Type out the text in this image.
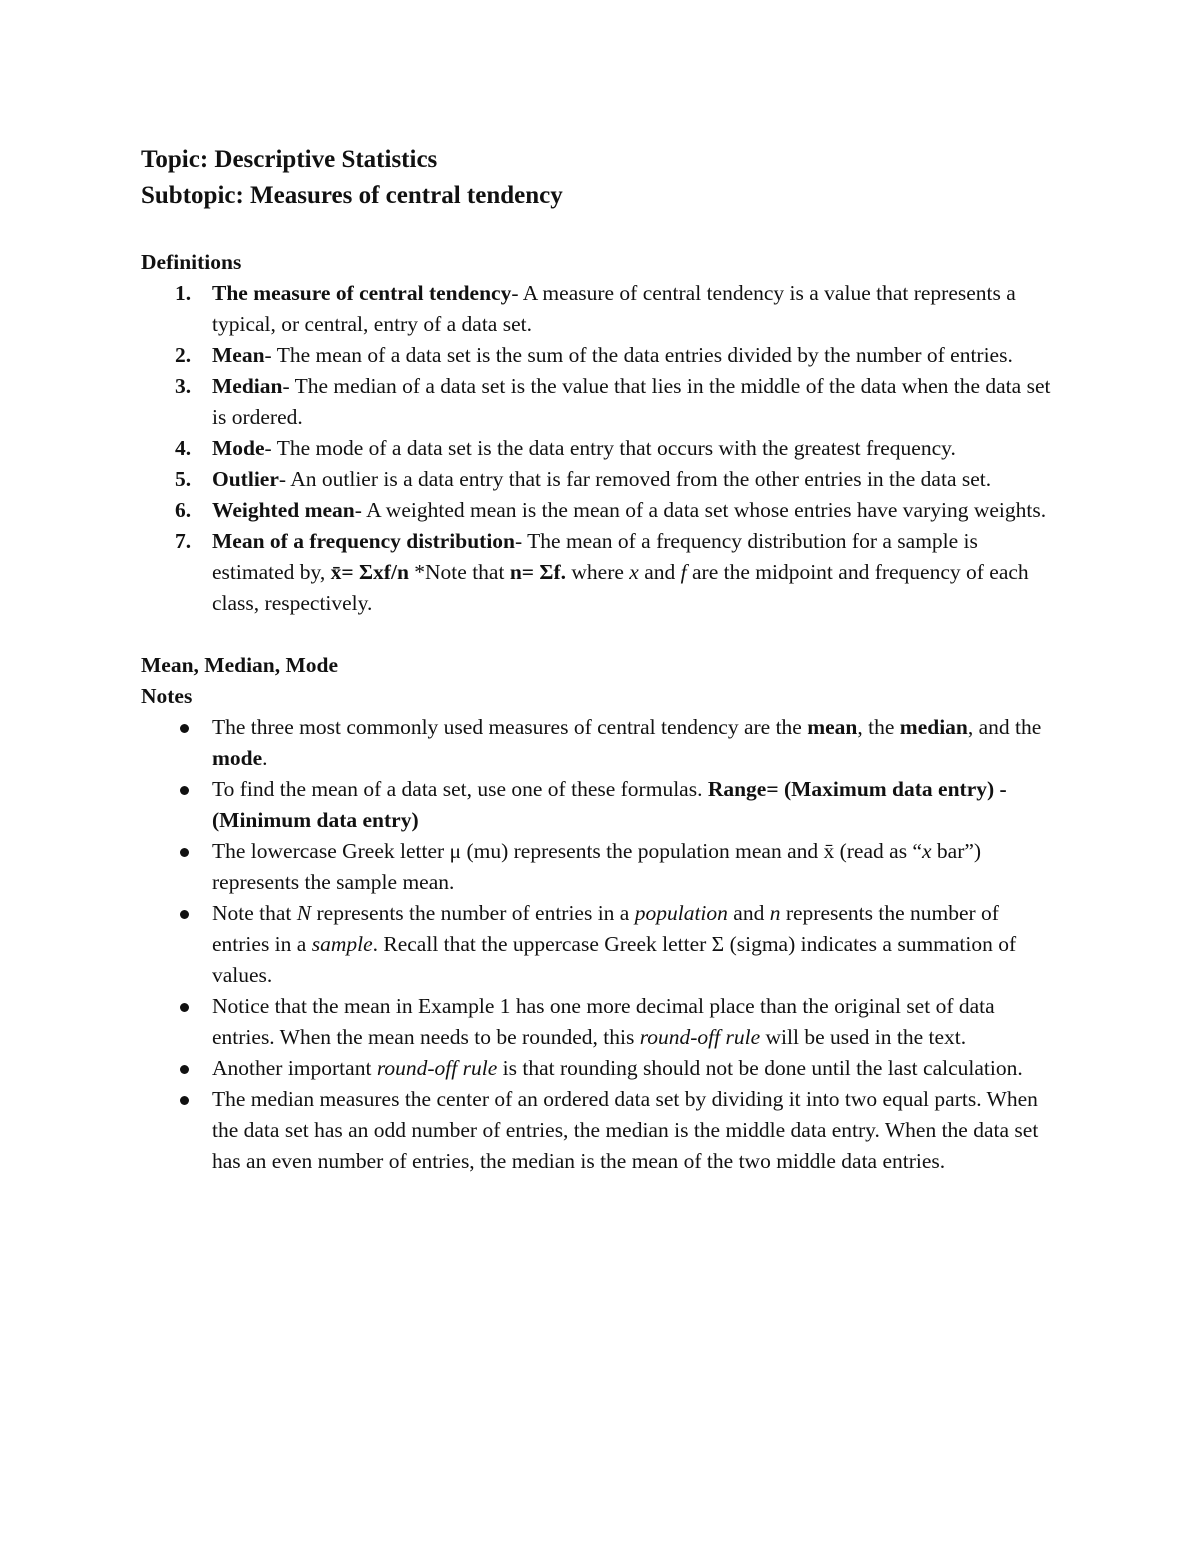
Topic: Descriptive Statistics
Subtopic: Measures of central tendency
Definitions
1. The measure of central tendency- A measure of central tendency is a value that represents a typical, or central, entry of a data set.
2. Mean- The mean of a data set is the sum of the data entries divided by the number of entries.
3. Median- The median of a data set is the value that lies in the middle of the data when the data set is ordered.
4. Mode- The mode of a data set is the data entry that occurs with the greatest frequency.
5. Outlier- An outlier is a data entry that is far removed from the other entries in the data set.
6. Weighted mean- A weighted mean is the mean of a data set whose entries have varying weights.
7. Mean of a frequency distribution- The mean of a frequency distribution for a sample is estimated by, x̄= Σxf/n *Note that n= Σf. where x and f are the midpoint and frequency of each class, respectively.
Mean, Median, Mode
Notes
The three most commonly used measures of central tendency are the mean, the median, and the mode.
To find the mean of a data set, use one of these formulas. Range= (Maximum data entry) - (Minimum data entry)
The lowercase Greek letter μ (mu) represents the population mean and x̄ (read as “x bar”) represents the sample mean.
Note that N represents the number of entries in a population and n represents the number of entries in a sample. Recall that the uppercase Greek letter Σ (sigma) indicates a summation of values.
Notice that the mean in Example 1 has one more decimal place than the original set of data entries. When the mean needs to be rounded, this round-off rule will be used in the text.
Another important round-off rule is that rounding should not be done until the last calculation.
The median measures the center of an ordered data set by dividing it into two equal parts. When the data set has an odd number of entries, the median is the middle data entry. When the data set has an even number of entries, the median is the mean of the two middle data entries.
